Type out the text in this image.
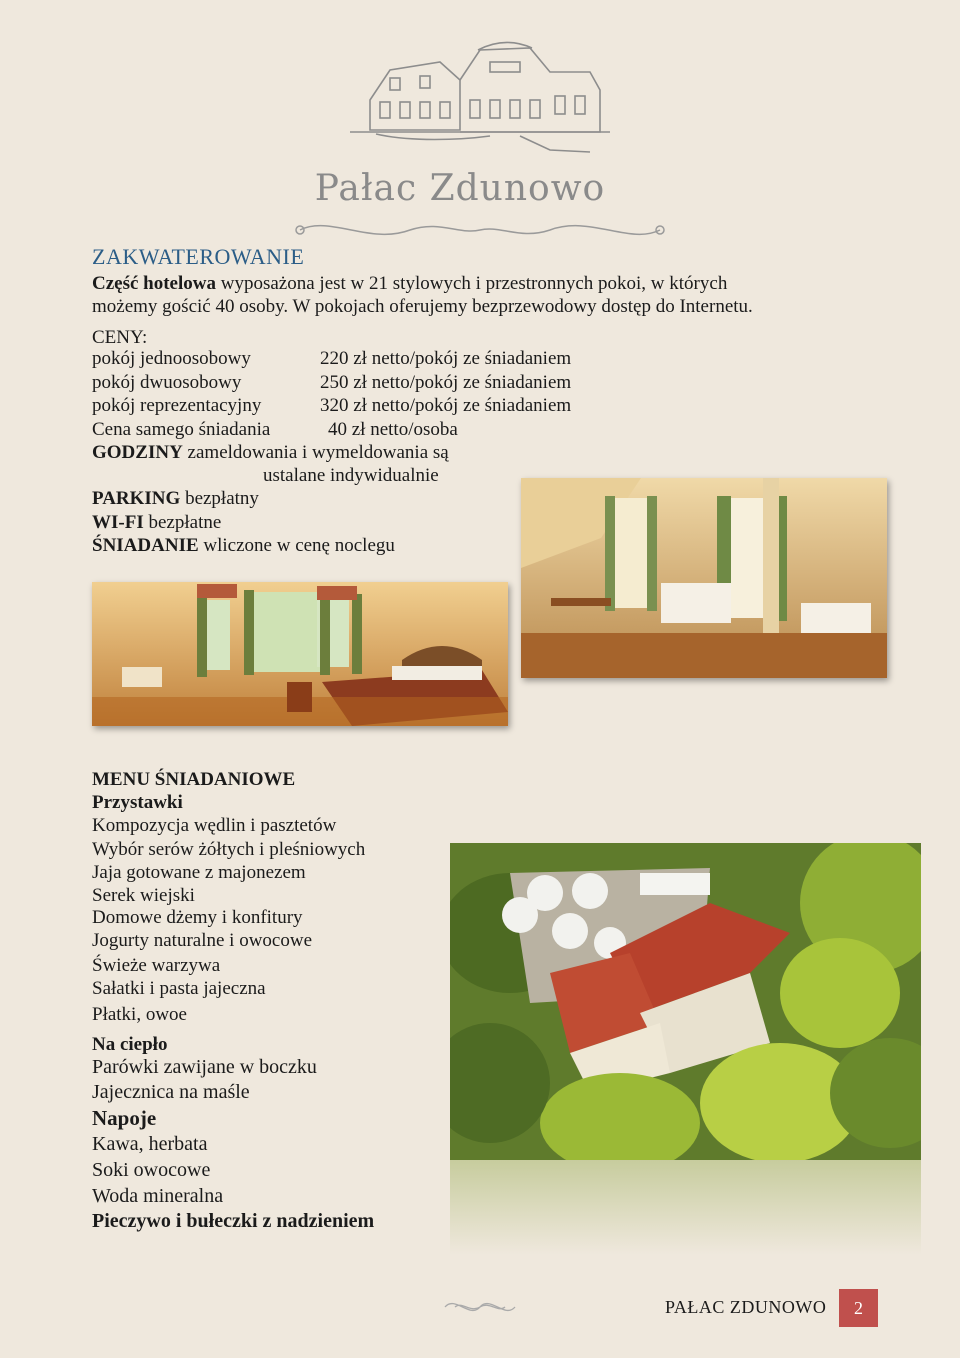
Pałac Zdunowo
ZAKWATEROWANIE
Część hotelowa wyposażona jest w 21 stylowych i przestronnych pokoi, w których
możemy gościć 40 osoby. W pokojach oferujemy bezprzewodowy dostęp do Internetu.
CENY:
pokój jednoosobowy	220 zł netto/pokój ze śniadaniem
pokój dwuosobowy	250 zł netto/pokój ze śniadaniem
pokój reprezentacyjny	320 zł netto/pokój ze śniadaniem
Cena samego śniadania	40 zł netto/osoba
GODZINY zameldowania i wymeldowania są
ustalane indywidualnie
PARKING bezpłatny
WI-FI bezpłatne
ŚNIADANIE wliczone w cenę noclegu
MENU ŚNIADANIOWE
Przystawki
Kompozycja wędlin i pasztetów
Wybór serów żółtych i pleśniowych
Jaja gotowane z majonezem
Serek wiejski
Domowe dżemy i konfitury
Jogurty naturalne i owocowe
Świeże warzywa
Sałatki i pasta jajeczna
Płatki, owoe
Na ciepło
Parówki zawijane w boczku
Jajecznica na maśle
Napoje
Kawa, herbata
Soki owocowe
Woda mineralna
Pieczywo i bułeczki z nadzieniem
PAŁAC ZDUNOWO	2
